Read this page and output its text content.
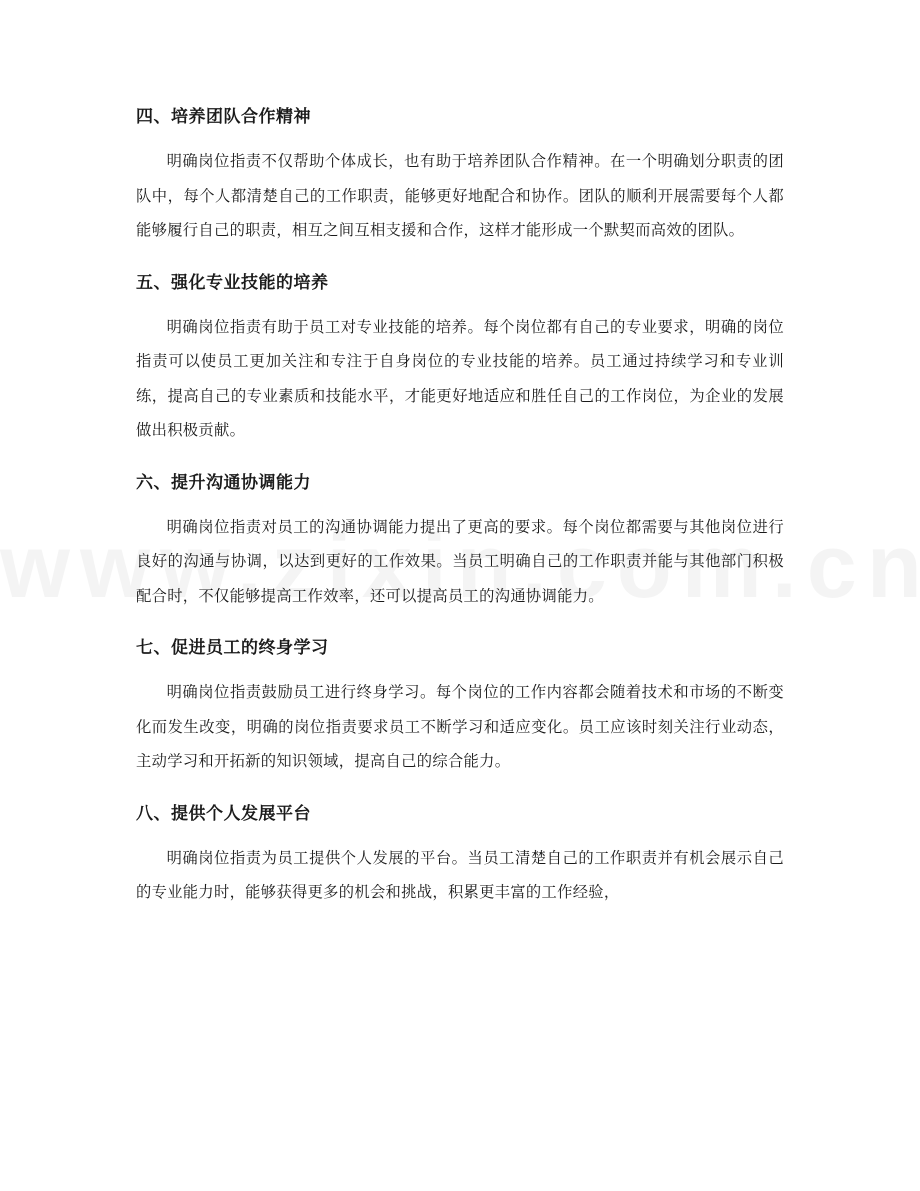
四、培养团队合作精神

明确岗位指责不仅帮助个体成长，也有助于培养团队合作精神。在一个明确划分职责的团队中，每个人都清楚自己的工作职责，能够更好地配合和协作。团队的顺利开展需要每个人都能够履行自己的职责，相互之间互相支援和合作，这样才能形成一个默契而高效的团队。

五、强化专业技能的培养

明确岗位指责有助于员工对专业技能的培养。每个岗位都有自己的专业要求，明确的岗位指责可以使员工更加关注和专注于自身岗位的专业技能的培养。员工通过持续学习和专业训练，提高自己的专业素质和技能水平，才能更好地适应和胜任自己的工作岗位，为企业的发展做出积极贡献。

六、提升沟通协调能力

明确岗位指责对员工的沟通协调能力提出了更高的要求。每个岗位都需要与其他岗位进行良好的沟通与协调，以达到更好的工作效果。当员工明确自己的工作职责并能与其他部门积极配合时，不仅能够提高工作效率，还可以提高员工的沟通协调能力。

七、促进员工的终身学习

明确岗位指责鼓励员工进行终身学习。每个岗位的工作内容都会随着技术和市场的不断变化而发生改变，明确的岗位指责要求员工不断学习和适应变化。员工应该时刻关注行业动态，主动学习和开拓新的知识领域，提高自己的综合能力。

八、提供个人发展平台

明确岗位指责为员工提供个人发展的平台。当员工清楚自己的工作职责并有机会展示自己的专业能力时，能够获得更多的机会和挑战，积累更丰富的工作经验，
